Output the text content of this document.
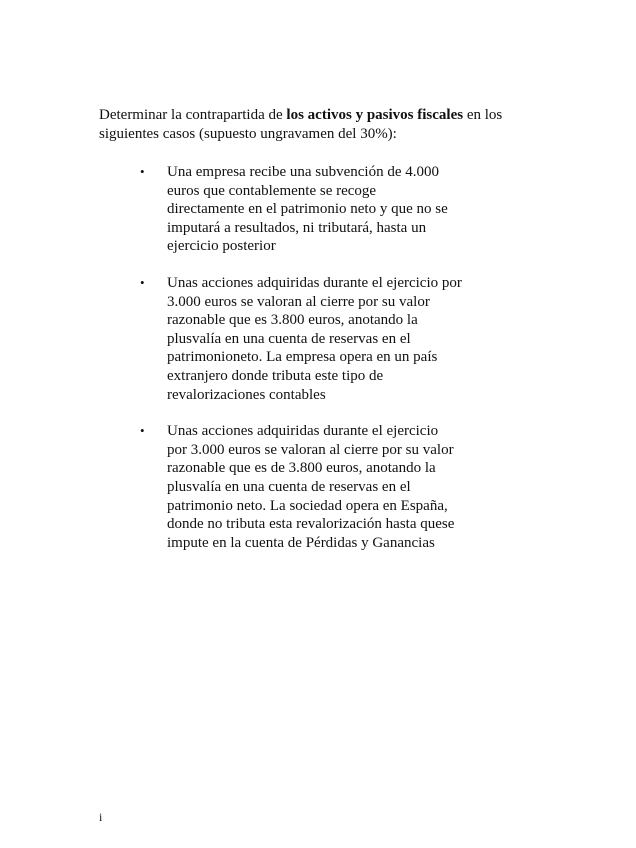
Determinar la contrapartida de los activos y pasivos fiscales en los siguientes casos (supuesto ungravamen del 30%):

• Una empresa recibe una subvención de 4.000
euros que contablemente se recoge
directamente en el patrimonio neto y que no se
imputará a resultados, ni tributará, hasta un
ejercicio posterior
• Unas acciones adquiridas durante el ejercicio por
3.000 euros se valoran al cierre por su valor
razonable que es 3.800 euros, anotando la
plusvalía en una cuenta de reservas en el
patrimonioneto. La empresa opera en un país
extranjero donde tributa este tipo de
revalorizaciones contables
• Unas acciones adquiridas durante el ejercicio
por 3.000 euros se valoran al cierre por su valor
razonable que es de 3.800 euros, anotando la
plusvalía en una cuenta de reservas en el
patrimonio neto. La sociedad opera en España,
donde no tributa esta revalorización hasta quese
impute en la cuenta de Pérdidas y Ganancias
i
